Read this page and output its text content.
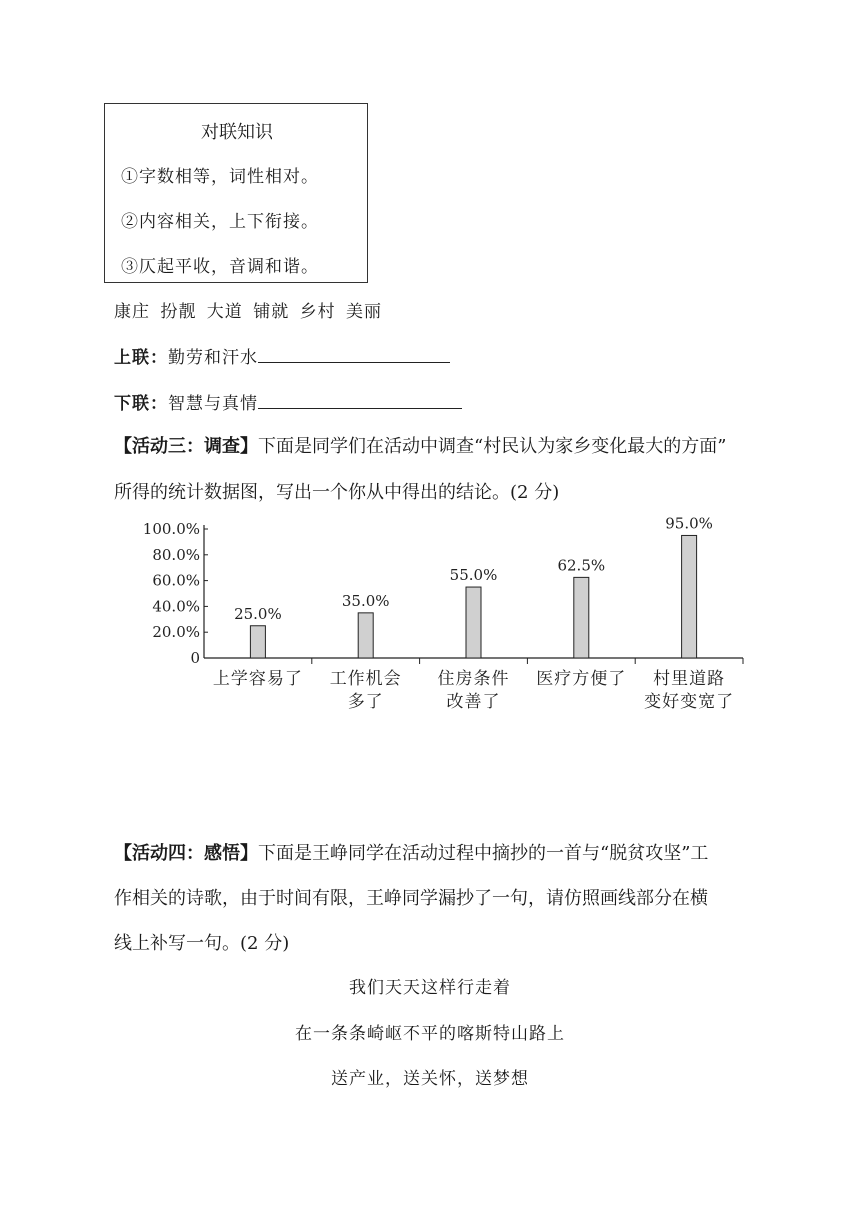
对联知识
①字数相等，词性相对。
②内容相关，上下衔接。
③仄起平收，音调和谐。
康庄 扮靓 大道 铺就 乡村 美丽
上联：勤劳和汗水
下联：智慧与真情
【活动三：调查】下面是同学们在活动中调查“村民认为家乡变化最大的方面”
所得的统计数据图，写出一个你从中得出的结论。(2 分)
0
20.0%
40.0%
60.0%
80.0%
100.0%
25.0%
上学容易了
35.0%
工作机会
多了
55.0%
住房条件
改善了
62.5%
医疗方便了
95.0%
村里道路
变好变宽了
【活动四：感悟】下面是王峥同学在活动过程中摘抄的一首与“脱贫攻坚”工
作相关的诗歌，由于时间有限，王峥同学漏抄了一句，请仿照画线部分在横
线上补写一句。(2 分)
我们天天这样行走着
在一条条崎岖不平的喀斯特山路上
送产业，送关怀，送梦想
